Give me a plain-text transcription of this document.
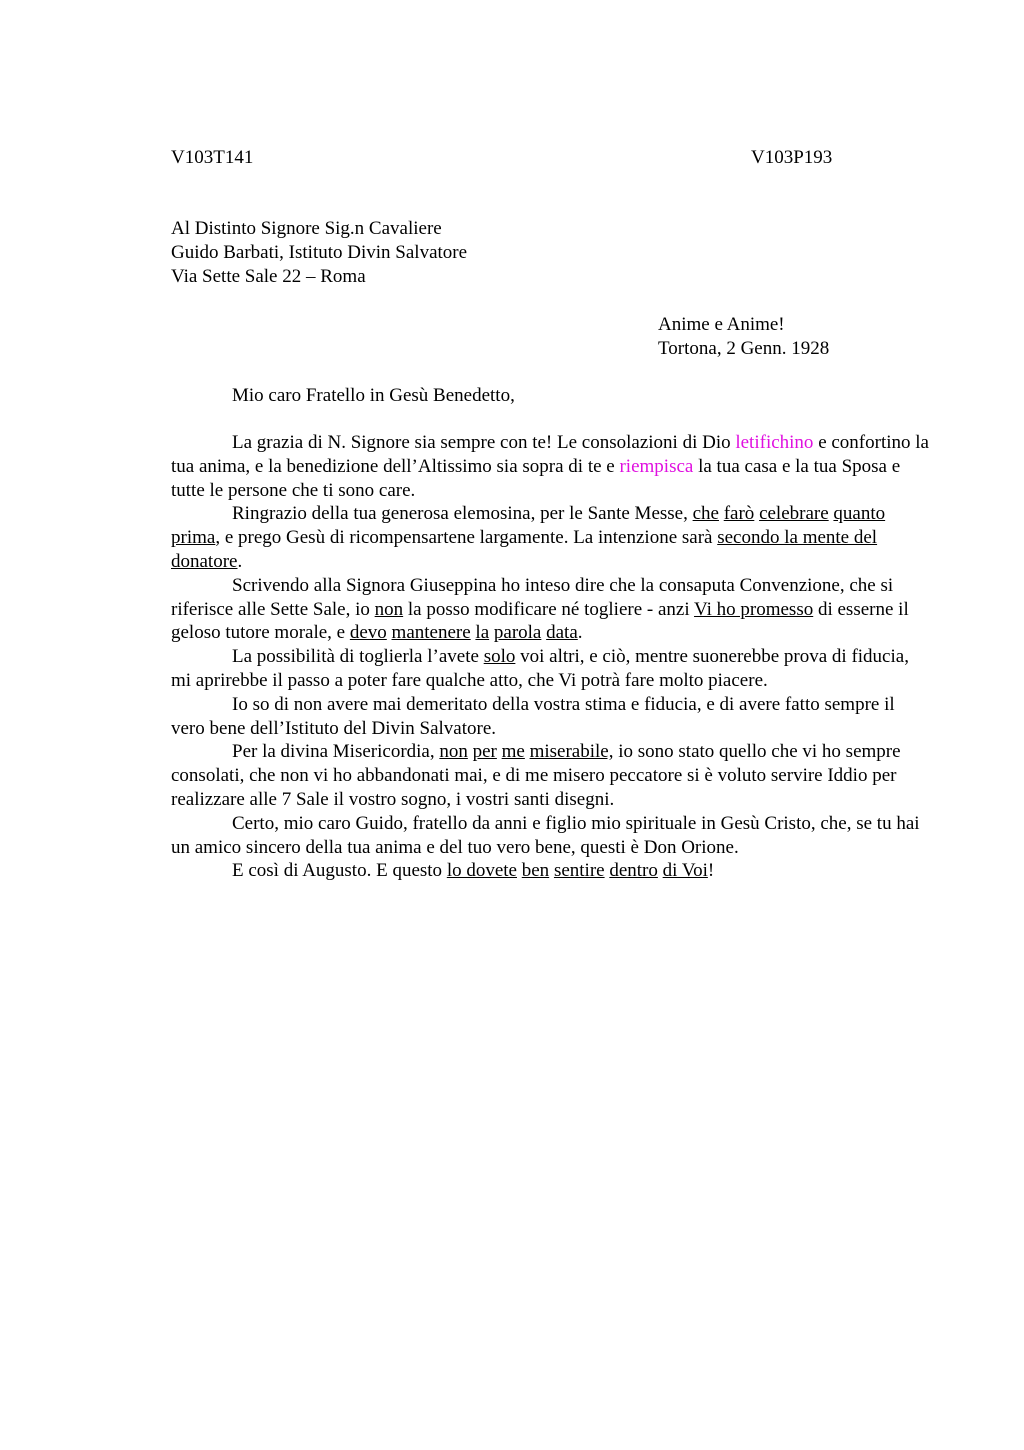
V103T141	V103P193
Al Distinto Signore Sig.n Cavaliere
Guido Barbati, Istituto Divin Salvatore
Via Sette Sale 22 – Roma
Anime e Anime!
Tortona, 2 Genn. 1928
Mio caro Fratello in Gesù Benedetto,

La grazia di N. Signore sia sempre con te! Le consolazioni di Dio letifichino e confortino la tua anima, e la benedizione dell’Altissimo sia sopra di te e riempisca la tua casa e la tua Sposa e tutte le persone che ti sono care.

Ringrazio della tua generosa elemosina, per le Sante Messe, che farò celebrare quanto prima, e prego Gesù di ricompensartene largamente. La intenzione sarà secondo la mente del donatore.

Scrivendo alla Signora Giuseppina ho inteso dire che la consaputa Convenzione, che si riferisce alle Sette Sale, io non la posso modificare né togliere - anzi Vi ho promesso di esserne il geloso tutore morale, e devo mantenere la parola data.

La possibilità di toglierla l’avete solo voi altri, e ciò, mentre suonerebbe prova di fiducia, mi aprirebbe il passo a poter fare qualche atto, che Vi potrà fare molto piacere.

Io so di non avere mai demeritato della vostra stima e fiducia, e di avere fatto sempre il vero bene dell’Istituto del Divin Salvatore.

Per la divina Misericordia, non per me miserabile, io sono stato quello che vi ho sempre consolati, che non vi ho abbandonati mai, e di me misero peccatore si è voluto servire Iddio per realizzare alle 7 Sale il vostro sogno, i vostri santi disegni.

Certo, mio caro Guido, fratello da anni e figlio mio spirituale in Gesù Cristo, che, se tu hai un amico sincero della tua anima e del tuo vero bene, questi è Don Orione.

E così di Augusto. E questo lo dovete ben sentire dentro di Voi!
